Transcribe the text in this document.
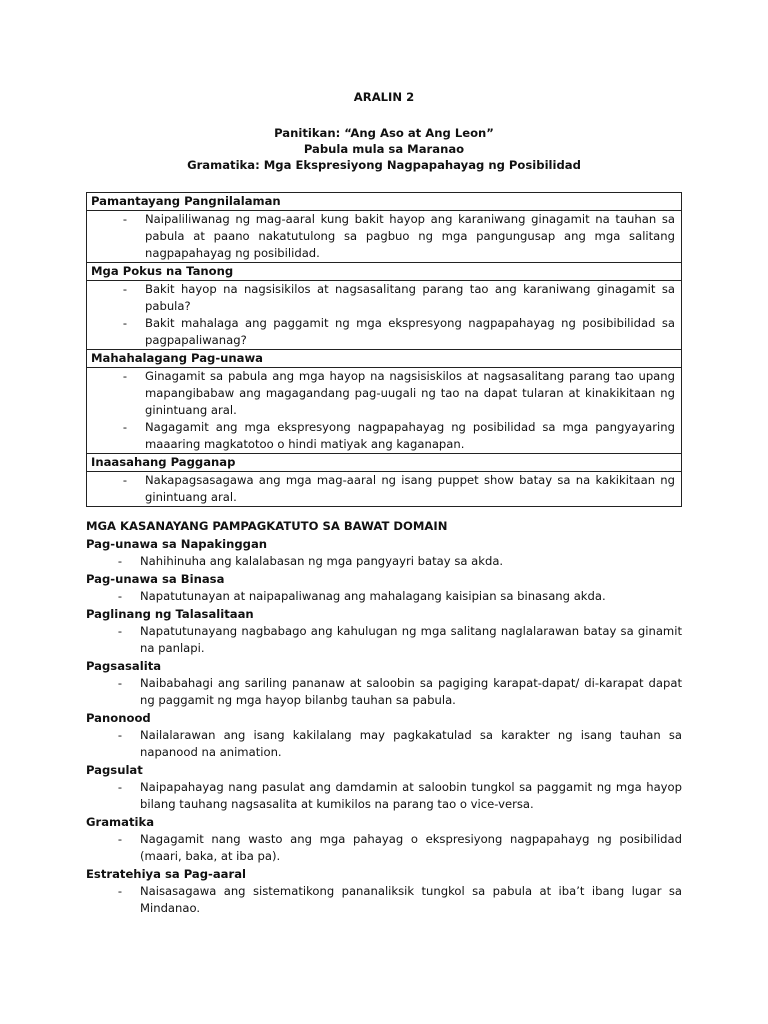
ARALIN 2
Panitikan: “Ang Aso at Ang Leon”
Pabula mula sa Maranao
Gramatika: Mga Ekspresiyong Nagpapahayag ng Posibilidad
Pamantayang Pangnilalaman

-	Naipaliliwanag ng mag-aaral kung bakit hayop ang karaniwang ginagamit na tauhan sa pabula at paano nakatutulong sa pagbuo ng mga pangungusap ang mga salitang nagpapahayag ng posibilidad.

Mga Pokus na Tanong

-	Bakit hayop na nagsisikilos at nagsasalitang parang tao ang karaniwang ginagamit sa pabula?
-	Bakit mahalaga ang paggamit ng mga ekspresyong nagpapahayag ng posibibilidad sa pagpapaliwanag?

Mahahalagang Pag-unawa

-	Ginagamit sa pabula ang mga hayop na nagsisiskilos at nagsasalitang parang tao upang mapangibabaw ang magagandang pag-uugali ng tao na dapat tularan at kinakikitaan ng ginintuang aral.
-	Nagagamit ang mga ekspresyong nagpapahayag ng posibilidad sa mga pangyayaring maaaring magkatotoo o hindi matiyak ang kaganapan.

Inaasahang Pagganap

-	Nakapagsasagawa ang mga mag-aaral ng isang puppet show batay sa na kakikitaan ng ginintuang aral.
MGA KASANAYANG PAMPAGKATUTO SA BAWAT DOMAIN
Pag-unawa sa Napakinggan
-	Nahihinuha ang kalalabasan ng mga pangyayri batay sa akda.
Pag-unawa sa Binasa
-	Napatutunayan at naipapaliwanag ang mahalagang kaisipian sa binasang akda.
Paglinang ng Talasalitaan
-	Napatutunayang nagbabago ang kahulugan ng mga salitang naglalarawan batay sa ginamit na panlapi.
Pagsasalita
-	Naibabahagi ang sariling pananaw at saloobin sa pagiging karapat-dapat/ di-karapat dapat ng paggamit ng mga hayop bilanbg tauhan sa pabula.
Panonood
-	Nailalarawan ang isang kakilalang may pagkakatulad sa karakter ng isang tauhan sa napanood na animation.
Pagsulat
-	Naipapahayag nang pasulat ang damdamin at saloobin tungkol sa paggamit ng mga hayop bilang tauhang nagsasalita at kumikilos na parang tao o vice-versa.
Gramatika
-	Nagagamit nang wasto ang mga pahayag o ekspresiyong nagpapahayg ng posibilidad (maari, baka, at iba pa).
Estratehiya sa Pag-aaral
-	Naisasagawa ang sistematikong pananaliksik tungkol sa pabula at iba’t ibang lugar sa Mindanao.
